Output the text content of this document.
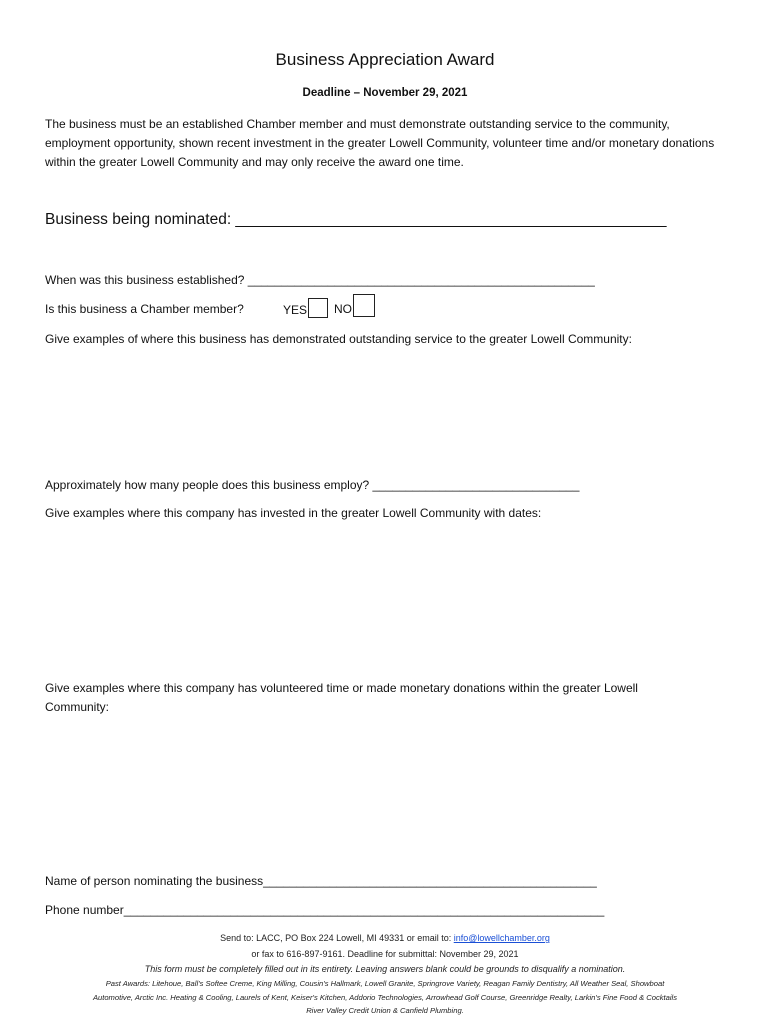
Business Appreciation Award
Deadline – November 29, 2021
The business must be an established Chamber member and must demonstrate outstanding service to the community, employment opportunity, shown recent investment in the greater Lowell Community, volunteer time and/or monetary donations within the greater Lowell Community and may only receive the award one time.
Business being nominated: __________________________________________________
When was this business established? ____________________________________________________
Is this business a Chamber member?	YES NO
Give examples of where this business has demonstrated outstanding service to the greater Lowell Community:
Approximately how many people does this business employ? _______________________________
Give examples where this company has invested in the greater Lowell Community with dates:
Give examples where this company has volunteered time or made monetary donations within the greater Lowell
Community:
Name of person nominating the business__________________________________________________
Phone number________________________________________________________________________
Send to: LACC, PO Box 224 Lowell, MI 49331 or email to: info@lowellchamber.org
or fax to 616-897-9161. Deadline for submittal: November 29, 2021
This form must be completely filled out in its entirety. Leaving answers blank could be grounds to disqualify a nomination.
Past Awards: Litehoue, Ball's Softee Creme, King Milling, Cousin's Hallmark, Lowell Granite, Springrove Variety, Reagan Family Dentistry, All Weather Seal, Showboat
Automotive, Arctic Inc. Heating & Cooling, Laurels of Kent, Keiser's Kitchen, Addorio Technologies, Arrowhead Golf Course, Greenridge Realty, Larkin's Fine Food & Cocktails
River Valley Credit Union & Canfield Plumbing.
